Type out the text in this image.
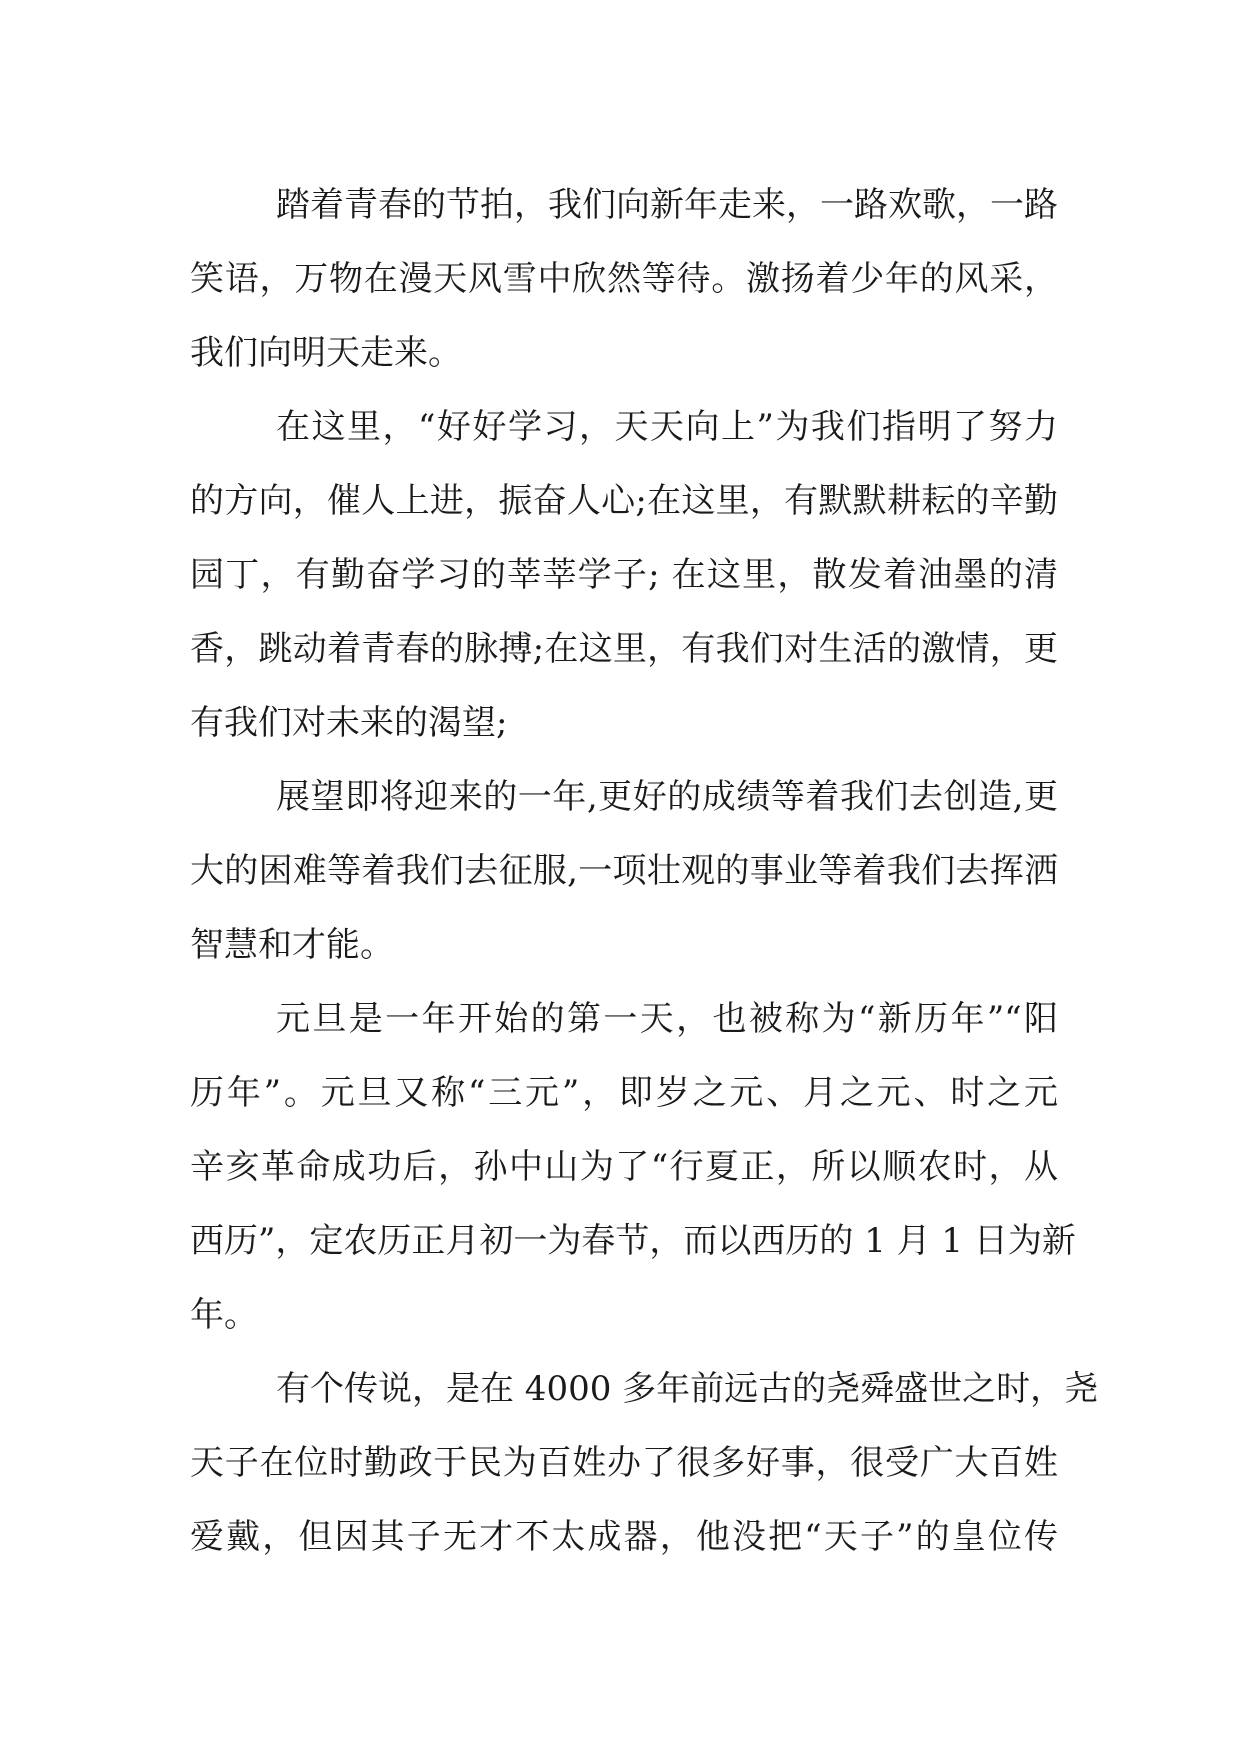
踏着青春的节拍，我们向新年走来，一路欢歌，一路
笑语，万物在漫天风雪中欣然等待。激扬着少年的风采，
我们向明天走来。
在这里，“好好学习，天天向上”为我们指明了努力
的方向，催人上进，振奋人心;在这里，有默默耕耘的辛勤
园丁，有勤奋学习的莘莘学子; 在这里，散发着油墨的清
香，跳动着青春的脉搏;在这里，有我们对生活的激情，更
有我们对未来的渴望;
展望即将迎来的一年,更好的成绩等着我们去创造,更
大的困难等着我们去征服,一项壮观的事业等着我们去挥洒
智慧和才能。
元旦是一年开始的第一天，也被称为“新历年”“阳
历年”。元旦又称“三元”，即岁之元、月之元、时之元
辛亥革命成功后，孙中山为了“行夏正，所以顺农时，从
西历”，定农历正月初一为春节，而以西历的 1 月 1 日为新
年。
有个传说，是在 4000 多年前远古的尧舜盛世之时，尧
天子在位时勤政于民为百姓办了很多好事，很受广大百姓
爱戴，但因其子无才不太成器，他没把“天子”的皇位传
